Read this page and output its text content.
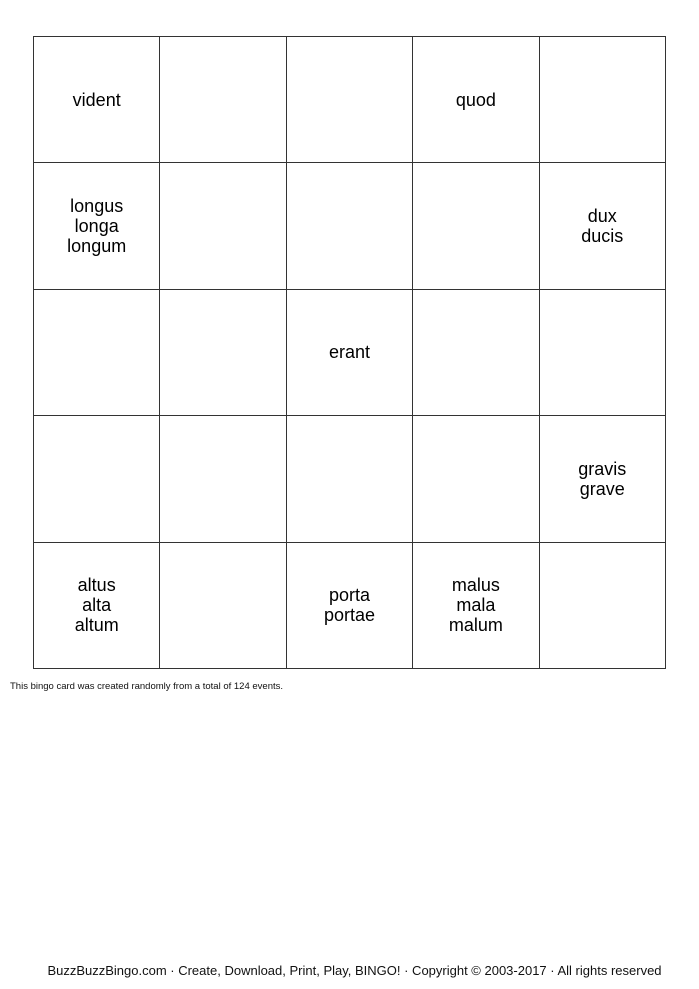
vident	quod
longus
longa
longum
dux
ducis
erant
gravis
grave
altus
alta
altum
porta
portae
malus
mala
malum
This bingo card was created randomly from a total of 124 events.
BuzzBuzzBingo.com · Create, Download, Print, Play, BINGO! · Copyright © 2003-2017 · All rights reserved
